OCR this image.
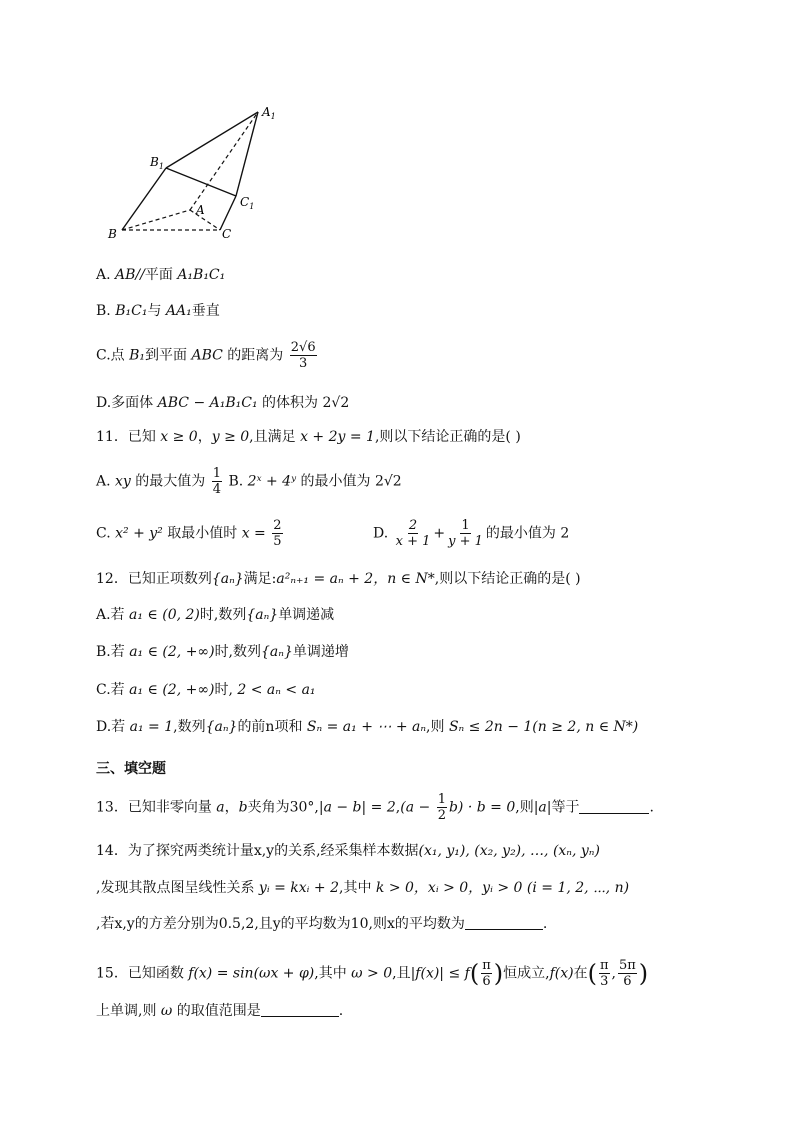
$A_1$
$B_1$
$C_1$
A
B	C
A. AB//平面 A₁B₁C₁
B. B₁C₁与 AA₁垂直
C.点 B₁到平面 ABC 的距离为 $\frac{2√6}{3}$
D.多面体 ABC − A₁B₁C₁ 的体积为 2√2
11．已知 x ≥ 0，y ≥ 0,且满足 x + 2y = 1,则以下结论正确的是( )
A. xy 的最大值为 $\frac{1}{4} B$. 2ˣ + 4ʸ 的最小值为 2√2
C. x² + y² 取最小值时 $x = \frac{2}{5}$	D. $\frac{2}{x + 1} + \frac{1}{y + 1}$ 的最小值为 2
12．已知正项数列{aₙ}满足:a²ₙ₊₁ = aₙ + 2，n ∈ N*,则以下结论正确的是( )
A.若 a₁ ∈ (0, 2)时,数列{aₙ}单调递减
B.若 a₁ ∈ (2, +∞)时,数列{aₙ}单调递增
C.若 a₁ ∈ (2, +∞)时, 2 < aₙ < a₁
D.若 a₁ = 1,数列{aₙ}的前n项和 Sₙ = a₁ + ⋯ + aₙ,则 Sₙ ≤ 2n − 1(n ≥ 2, n ∈ N*)
三、填空题
13．已知非零向量 a，b夹角为$30^\circ,|a - b| = 2,(a - \frac{1}{2} b) \cdot b = 0$,则|a|等于	.
14．为了探究两类统计量x,y的关系,经采集样本数据(x₁, y₁), (x₂, y₂), …, (xₙ, yₙ)
,发现其散点图呈线性关系 yᵢ = kxᵢ + 2,其中 k > 0，xᵢ > 0，yᵢ > 0 (i = 1, 2, ⋯, n)
,若x,y的方差分别为0.5,2,且y的平均数为10,则x的平均数为	.
15．已知函数 f(x) = sin(ωx + φ),其中 ω > 0,且$|f(x)| \le f( \frac{\pi}{6}$ )恒成立,f(x)在( $\frac{\pi}{3}$ , $\frac{5\pi}{6}$ )
上单调,则 ω 的取值范围是	.
